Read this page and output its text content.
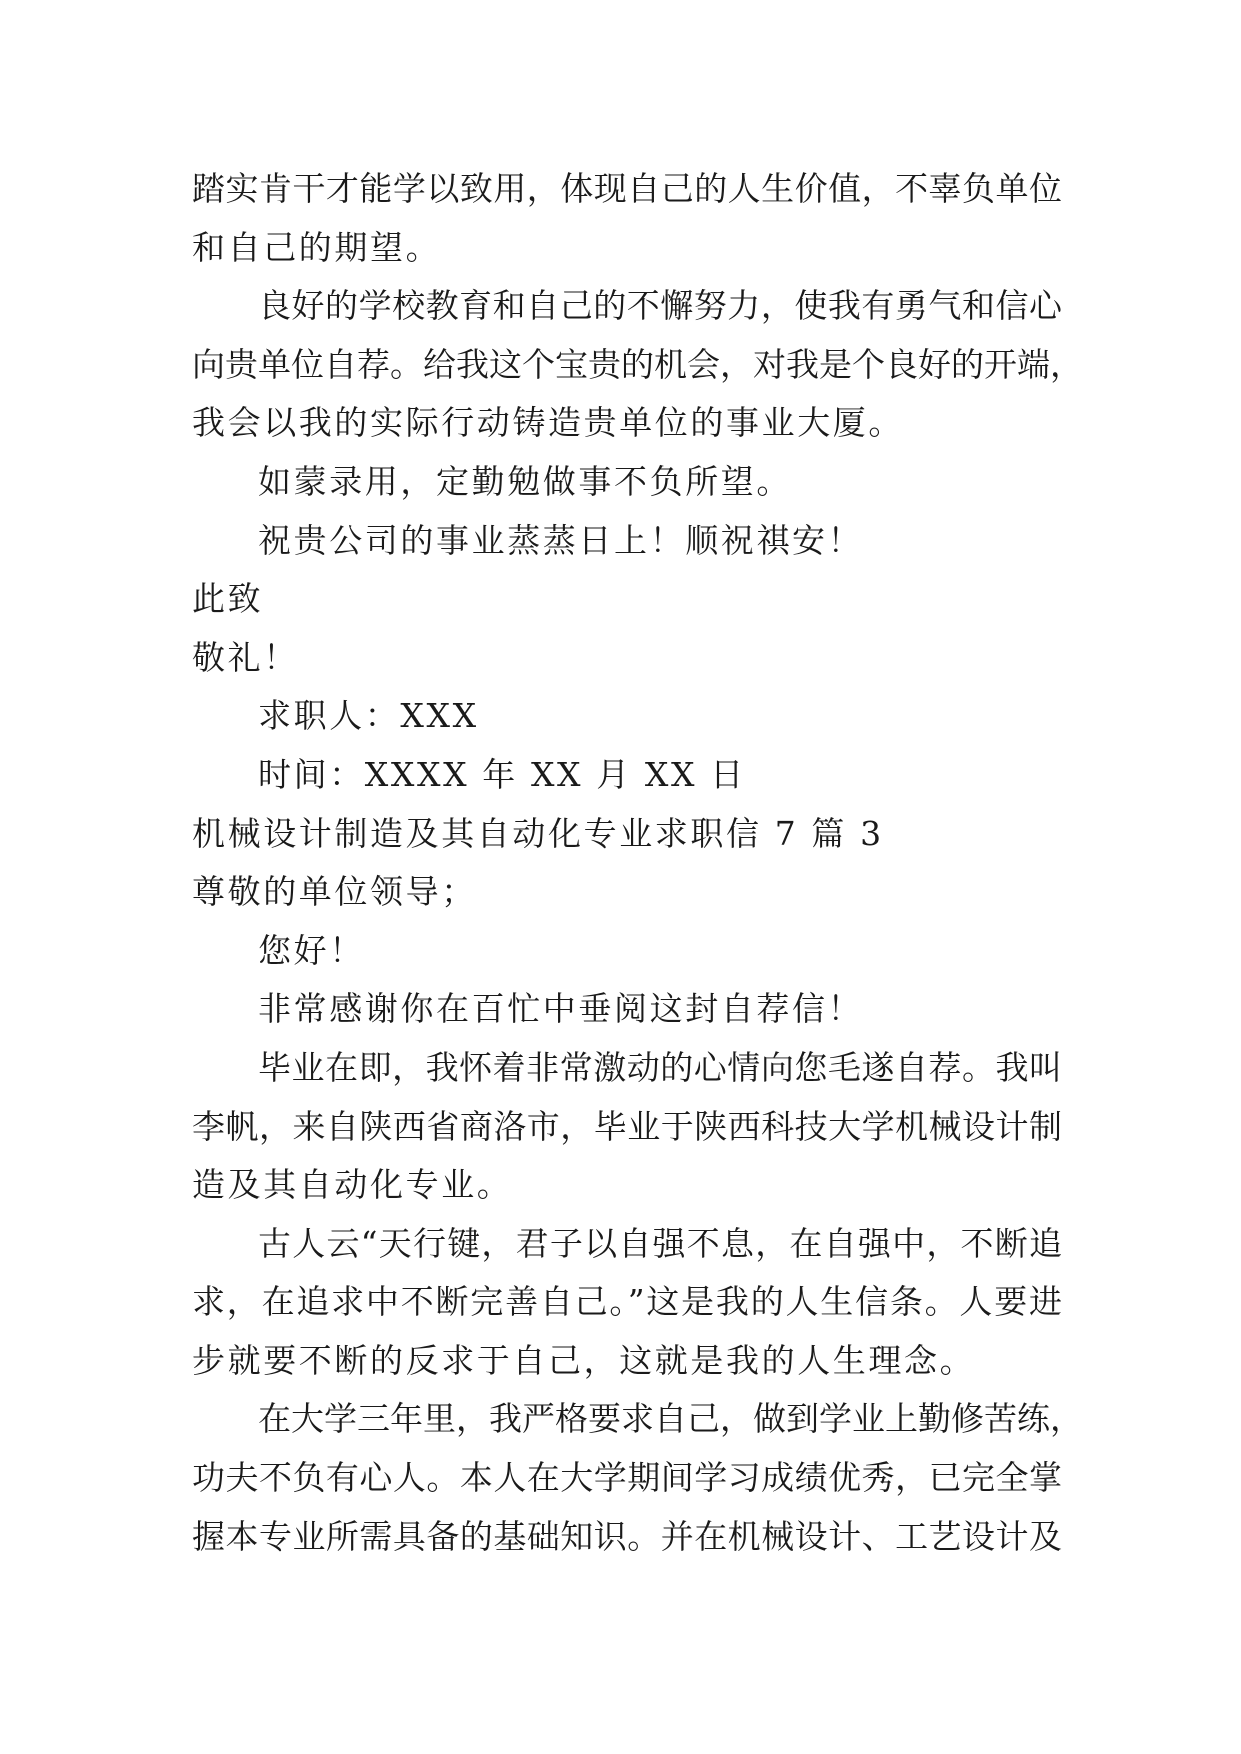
踏实肯干才能学以致用，体现自己的人生价值，不辜负单位
和自己的期望。
良好的学校教育和自己的不懈努力，使我有勇气和信心
向贵单位自荐。给我这个宝贵的机会，对我是个良好的开端，
我会以我的实际行动铸造贵单位的事业大厦。
如蒙录用，定勤勉做事不负所望。
祝贵公司的事业蒸蒸日上！顺祝祺安！
此致
敬礼！
求职人：XXX
时间：XXXX 年 XX 月 XX 日
机械设计制造及其自动化专业求职信 7 篇 3
尊敬的单位领导；
您好！
非常感谢你在百忙中垂阅这封自荐信！
毕业在即，我怀着非常激动的心情向您毛遂自荐。我叫
李帆，来自陕西省商洛市，毕业于陕西科技大学机械设计制
造及其自动化专业。
古人云“天行键，君子以自强不息，在自强中，不断追
求，在追求中不断完善自己。”这是我的人生信条。人要进
步就要不断的反求于自己，这就是我的人生理念。
在大学三年里，我严格要求自己，做到学业上勤修苦练，
功夫不负有心人。本人在大学期间学习成绩优秀，已完全掌
握本专业所需具备的基础知识。并在机械设计、工艺设计及
